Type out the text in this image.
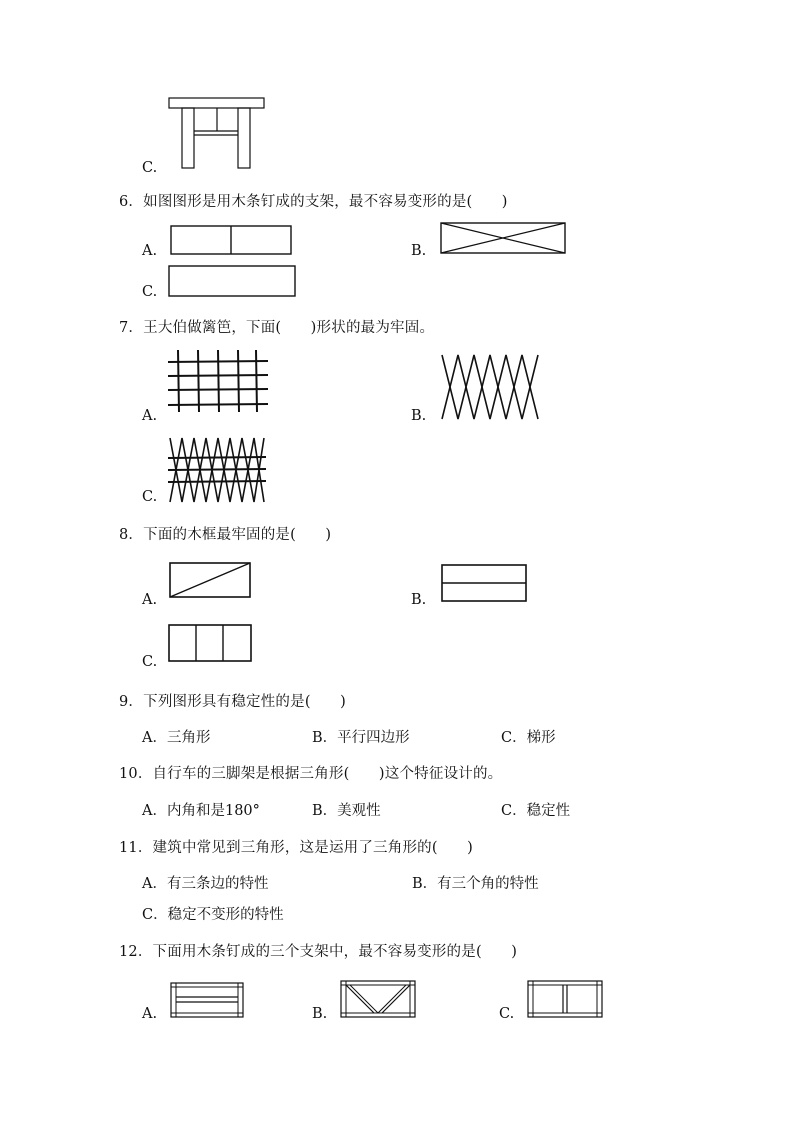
C.
6．如图图形是用木条钉成的支架，最不容易变形的是(　　)
A.	B.
C.
7．王大伯做篱笆，下面(　　)形状的最为牢固。
A.	B.
C.
8．下面的木框最牢固的是(　　)
A.	B.
C.
9．下列图形具有稳定性的是(　　)
A．三角形	B．平行四边形	C．梯形
10．自行车的三脚架是根据三角形(　　)这个特征设计的。
A．内角和是180°	B．美观性	C．稳定性
11．建筑中常见到三角形，这是运用了三角形的(　　)
A．有三条边的特性	B．有三个角的特性
C．稳定不变形的特性
12．下面用木条钉成的三个支架中，最不容易变形的是(　　)
A.	B.	C.
